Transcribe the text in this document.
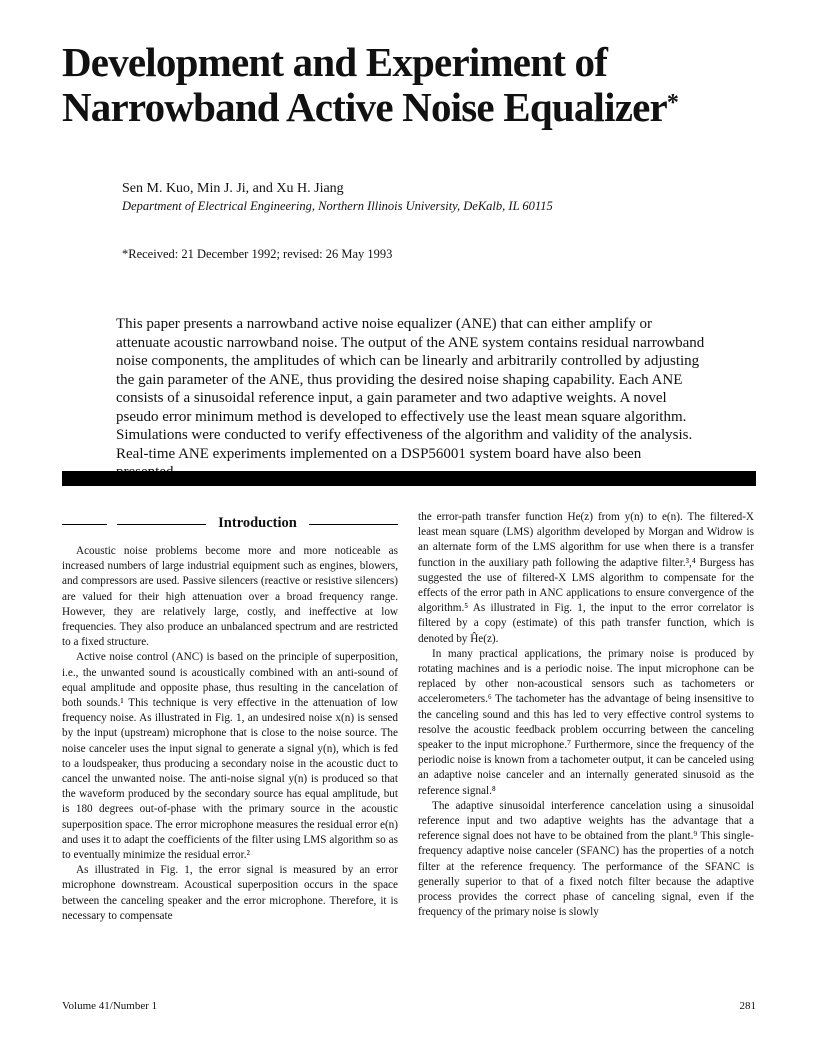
Development and Experiment of
Narrowband Active Noise Equalizer*
Sen M. Kuo, Min J. Ji, and Xu H. Jiang
Department of Electrical Engineering, Northern Illinois University, DeKalb, IL 60115
*Received: 21 December 1992; revised: 26 May 1993
This paper presents a narrowband active noise equalizer (ANE) that can either amplify or attenuate acoustic narrowband noise. The output of the ANE system contains residual narrowband noise components, the amplitudes of which can be linearly and arbitrarily controlled by adjusting the gain parameter of the ANE, thus providing the desired noise shaping capability. Each ANE consists of a sinusoidal reference input, a gain parameter and two adaptive weights. A novel pseudo error minimum method is developed to effectively use the least mean square algorithm. Simulations were conducted to verify effectiveness of the algorithm and validity of the analysis. Real-time ANE experiments implemented on a DSP56001 system board have also been
Introduction

Acoustic noise problems become more and more noticeable as increased numbers of large industrial equipment such as engines, blowers, and compressors are used. Passive silencers (reactive or resistive silencers) are valued for their high attenuation over a broad frequency range. However, they are relatively large, costly, and ineffective at low frequencies. They also produce an unbalanced spectrum and are restricted to a fixed structure.

Active noise control (ANC) is based on the principle of superposition, i.e., the unwanted sound is acoustically combined with an anti-sound of equal amplitude and opposite phase, thus resulting in the cancelation of both sounds.¹ This technique is very effective in the attenuation of low frequency noise. As illustrated in Fig. 1, an undesired noise x(n) is sensed by the input (upstream) microphone that is close to the noise source. The noise canceler uses the input signal to generate a signal y(n), which is fed to a loudspeaker, thus producing a secondary noise in the acoustic duct to cancel the unwanted noise. The anti-noise signal y(n) is produced so that the waveform produced by the secondary source has equal amplitude, but is 180 degrees out-of-phase with the primary source in the acoustic superposition space. The error microphone measures the residual error e(n) and uses it to adapt the coefficients of the filter using LMS algorithm so as to eventually minimize the residual error.²

As illustrated in Fig. 1, the error signal is measured by an error microphone downstream. Acoustical superposition occurs in the space between the canceling speaker and the error microphone. Therefore, it is necessary to compensate

the error-path transfer function He(z) from y(n) to e(n). The filtered-X least mean square (LMS) algorithm developed by Morgan and Widrow is an alternate form of the LMS algorithm for use when there is a transfer function in the auxiliary path following the adaptive filter.³,⁴ Burgess has suggested the use of filtered-X LMS algorithm to compensate for the effects of the error path in ANC applications to ensure convergence of the algorithm.⁵ As illustrated in Fig. 1, the input to the error correlator is filtered by a copy (estimate) of this path transfer function, which is denoted by Ĥe(z).

In many practical applications, the primary noise is produced by rotating machines and is a periodic noise. The input microphone can be replaced by other non-acoustical sensors such as tachometers or accelerometers.⁶ The tachometer has the advantage of being insensitive to the canceling sound and this has led to very effective control systems to resolve the acoustic feedback problem occurring between the canceling speaker to the input microphone.⁷ Furthermore, since the frequency of the periodic noise is known from a tachometer output, it can be canceled using an adaptive noise canceler and an internally generated sinusoid as the reference signal.⁸

The adaptive sinusoidal interference cancelation using a sinusoidal reference input and two adaptive weights has the advantage that a reference signal does not have to be obtained from the plant.⁹ This single-frequency adaptive noise canceler (SFANC) has the properties of a notch filter at the reference frequency. The performance of the SFANC is generally superior to that of a fixed notch filter because the adaptive process provides the correct phase of canceling signal, even if the frequency of the primary noise is slowly

Volume 41/Number 1	281
